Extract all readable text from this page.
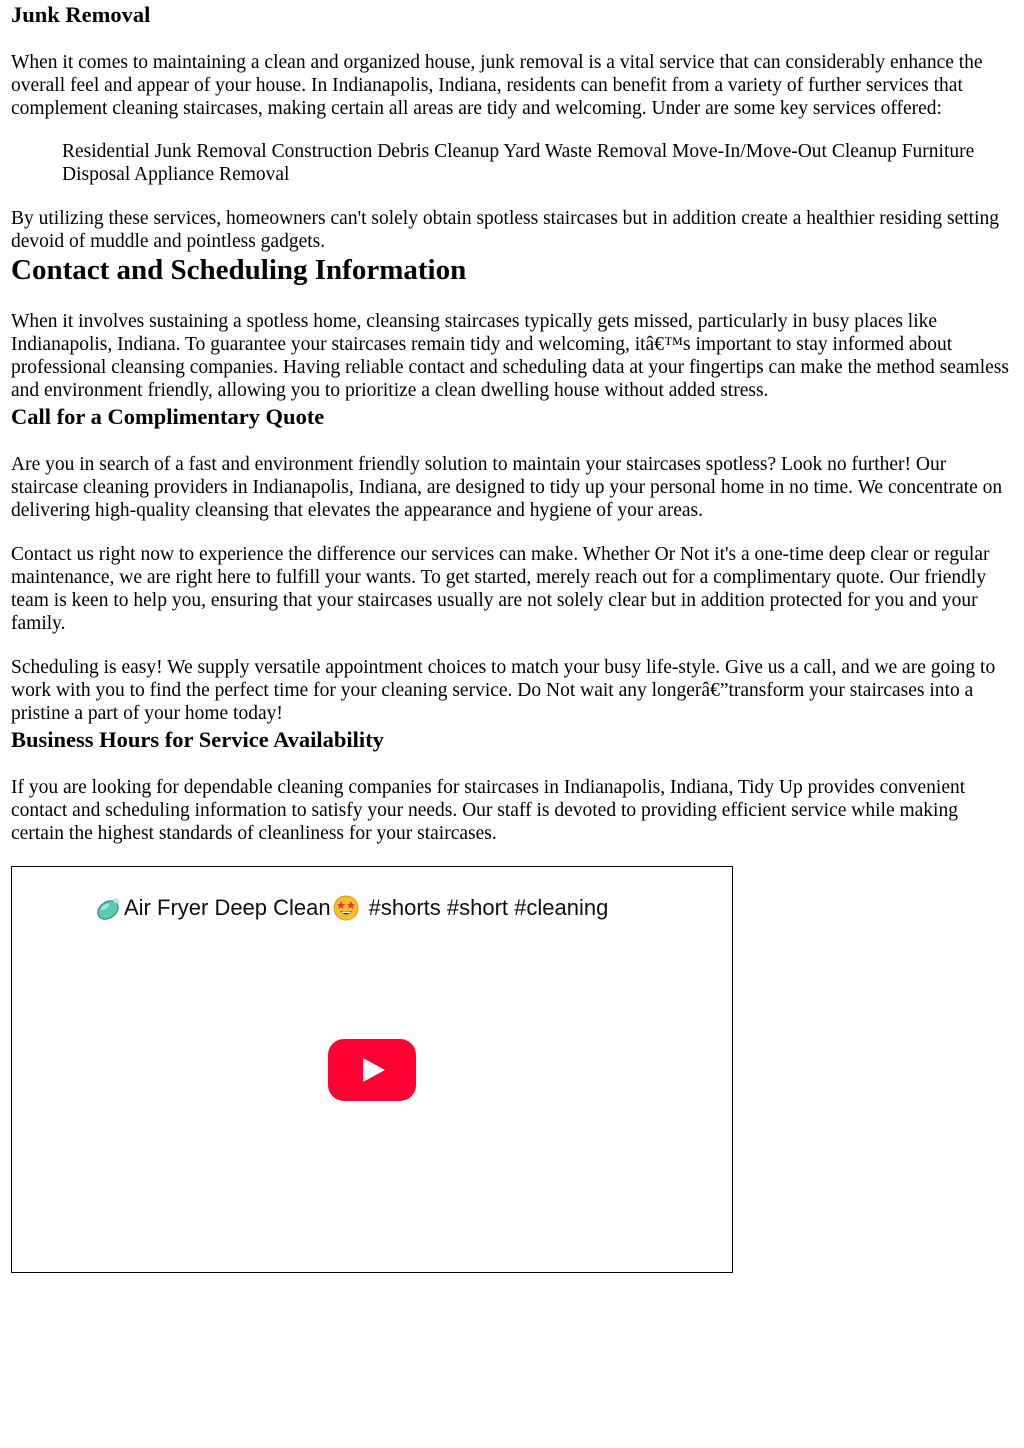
Junk Removal

When it comes to maintaining a clean and organized house, junk removal is a vital service that can considerably enhance the overall feel and appear of your house. In Indianapolis, Indiana, residents can benefit from a variety of further services that complement cleaning staircases, making certain all areas are tidy and welcoming. Under are some key services offered:

Residential Junk Removal Construction Debris Cleanup Yard Waste Removal Move-In/Move-Out Cleanup Furniture Disposal Appliance Removal

By utilizing these services, homeowners can't solely obtain spotless staircases but in addition create a healthier residing setting devoid of muddle and pointless gadgets.

Contact and Scheduling Information

When it involves sustaining a spotless home, cleansing staircases typically gets missed, particularly in busy places like Indianapolis, Indiana. To guarantee your staircases remain tidy and welcoming, itâ€™s important to stay informed about professional cleansing companies. Having reliable contact and scheduling data at your fingertips can make the method seamless and environment friendly, allowing you to prioritize a clean dwelling house without added stress.

Call for a Complimentary Quote

Are you in search of a fast and environment friendly solution to maintain your staircases spotless? Look no further! Our staircase cleaning providers in Indianapolis, Indiana, are designed to tidy up your personal home in no time. We concentrate on delivering high-quality cleansing that elevates the appearance and hygiene of your areas.

Contact us right now to experience the difference our services can make. Whether Or Not it's a one-time deep clear or regular maintenance, we are right here to fulfill your wants. To get started, merely reach out for a complimentary quote. Our friendly team is keen to help you, ensuring that your staircases usually are not solely clear but in addition protected for you and your family.

Scheduling is easy! We supply versatile appointment choices to match your busy life-style. Give us a call, and we are going to work with you to find the perfect time for your cleaning service. Do Not wait any longerâ€”transform your staircases into a pristine a part of your home today!

Business Hours for Service Availability

If you are looking for dependable cleaning companies for staircases in Indianapolis, Indiana, Tidy Up provides convenient contact and scheduling information to satisfy your needs. Our staff is devoted to providing efficient service while making certain the highest standards of cleanliness for your staircases.

Air Fryer Deep Clean #shorts #short #cleaning
